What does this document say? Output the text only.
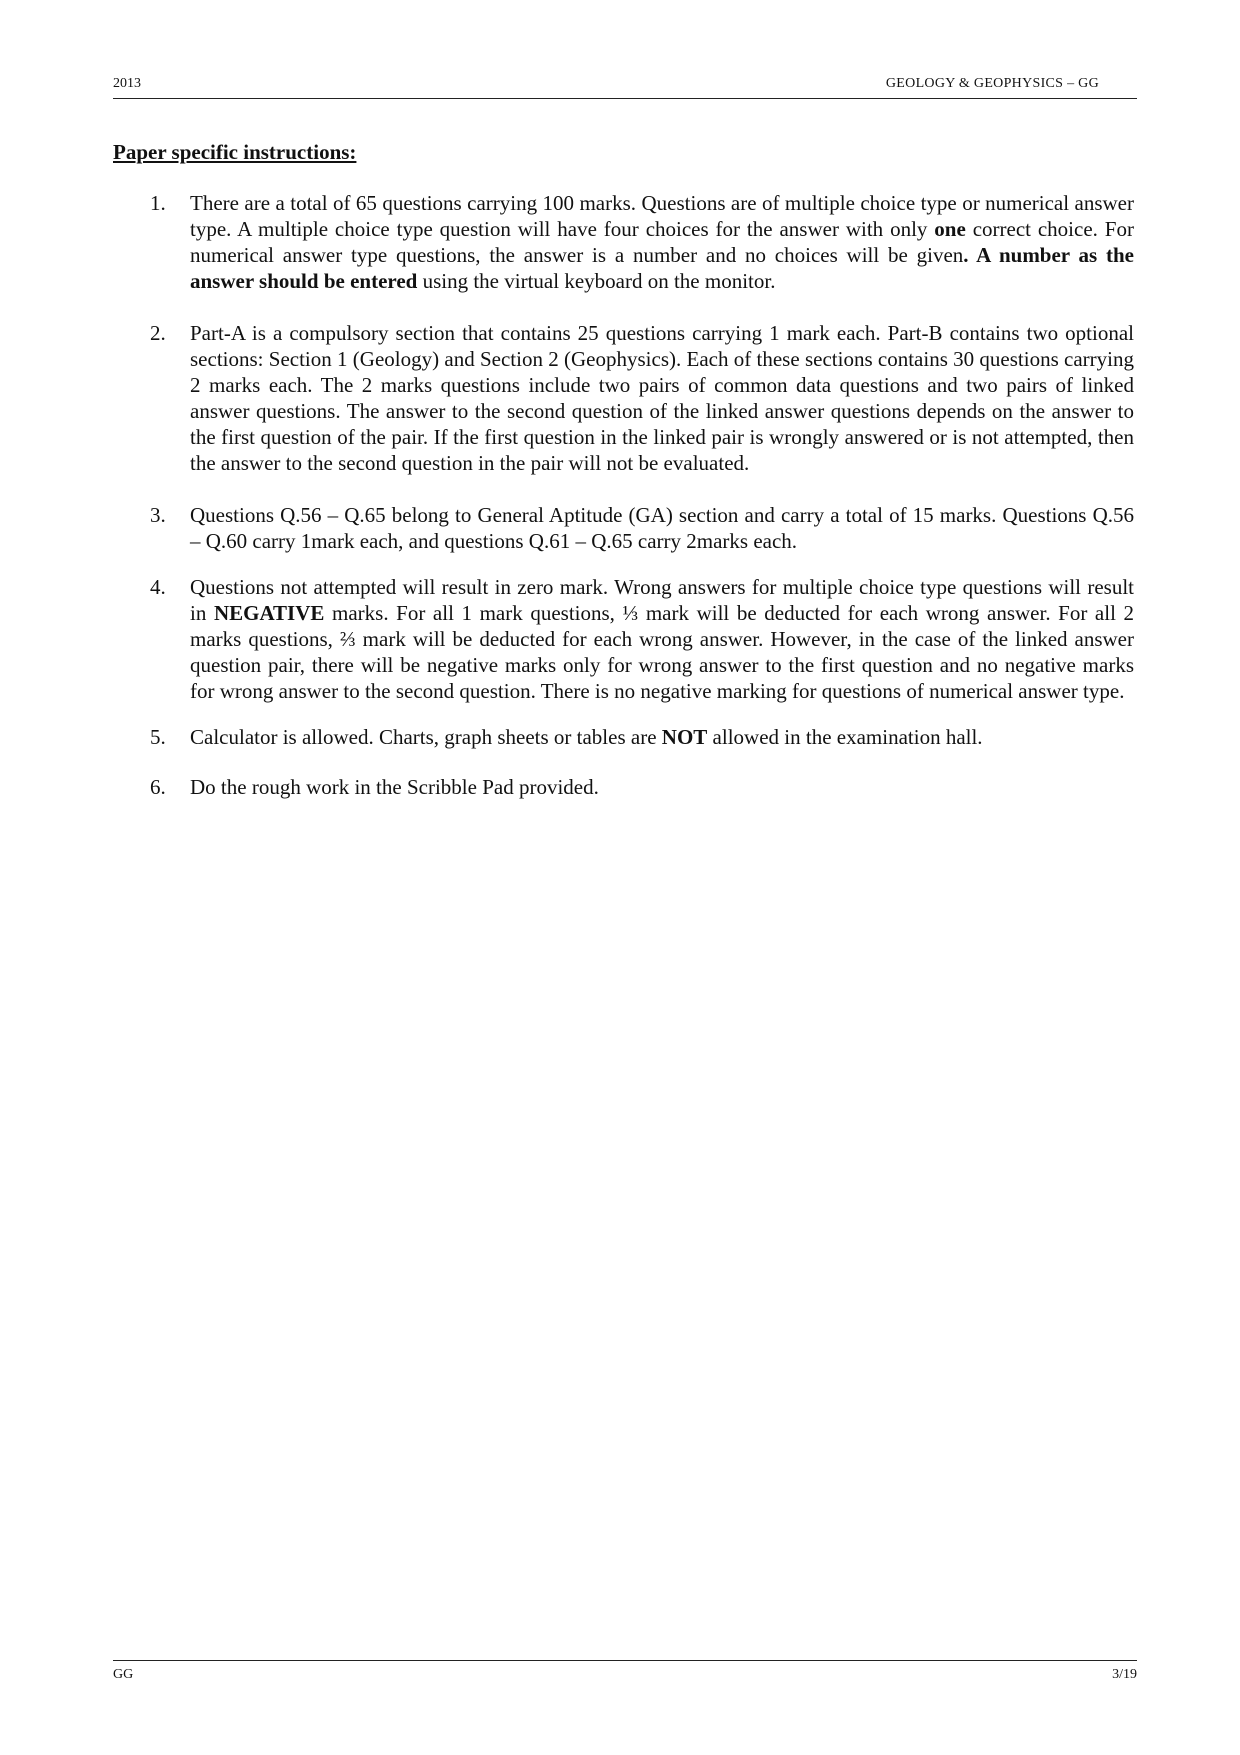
2013	GEOLOGY & GEOPHYSICS – GG
Paper specific instructions:
1. There are a total of 65 questions carrying 100 marks. Questions are of multiple choice type or numerical answer type. A multiple choice type question will have four choices for the answer with only one correct choice. For numerical answer type questions, the answer is a number and no choices will be given. A number as the answer should be entered using the virtual keyboard on the monitor.
2. Part-A is a compulsory section that contains 25 questions carrying 1 mark each. Part-B contains two optional sections: Section 1 (Geology) and Section 2 (Geophysics). Each of these sections contains 30 questions carrying 2 marks each. The 2 marks questions include two pairs of common data questions and two pairs of linked answer questions. The answer to the second question of the linked answer questions depends on the answer to the first question of the pair. If the first question in the linked pair is wrongly answered or is not attempted, then the answer to the second question in the pair will not be evaluated.
3. Questions Q.56 – Q.65 belong to General Aptitude (GA) section and carry a total of 15 marks. Questions Q.56 – Q.60 carry 1mark each, and questions Q.61 – Q.65 carry 2marks each.
4. Questions not attempted will result in zero mark. Wrong answers for multiple choice type questions will result in NEGATIVE marks. For all 1 mark questions, ⅓ mark will be deducted for each wrong answer. For all 2 marks questions, ⅔ mark will be deducted for each wrong answer. However, in the case of the linked answer question pair, there will be negative marks only for wrong answer to the first question and no negative marks for wrong answer to the second question. There is no negative marking for questions of numerical answer type.
5. Calculator is allowed. Charts, graph sheets or tables are NOT allowed in the examination hall.
6. Do the rough work in the Scribble Pad provided.
GG	3/19
